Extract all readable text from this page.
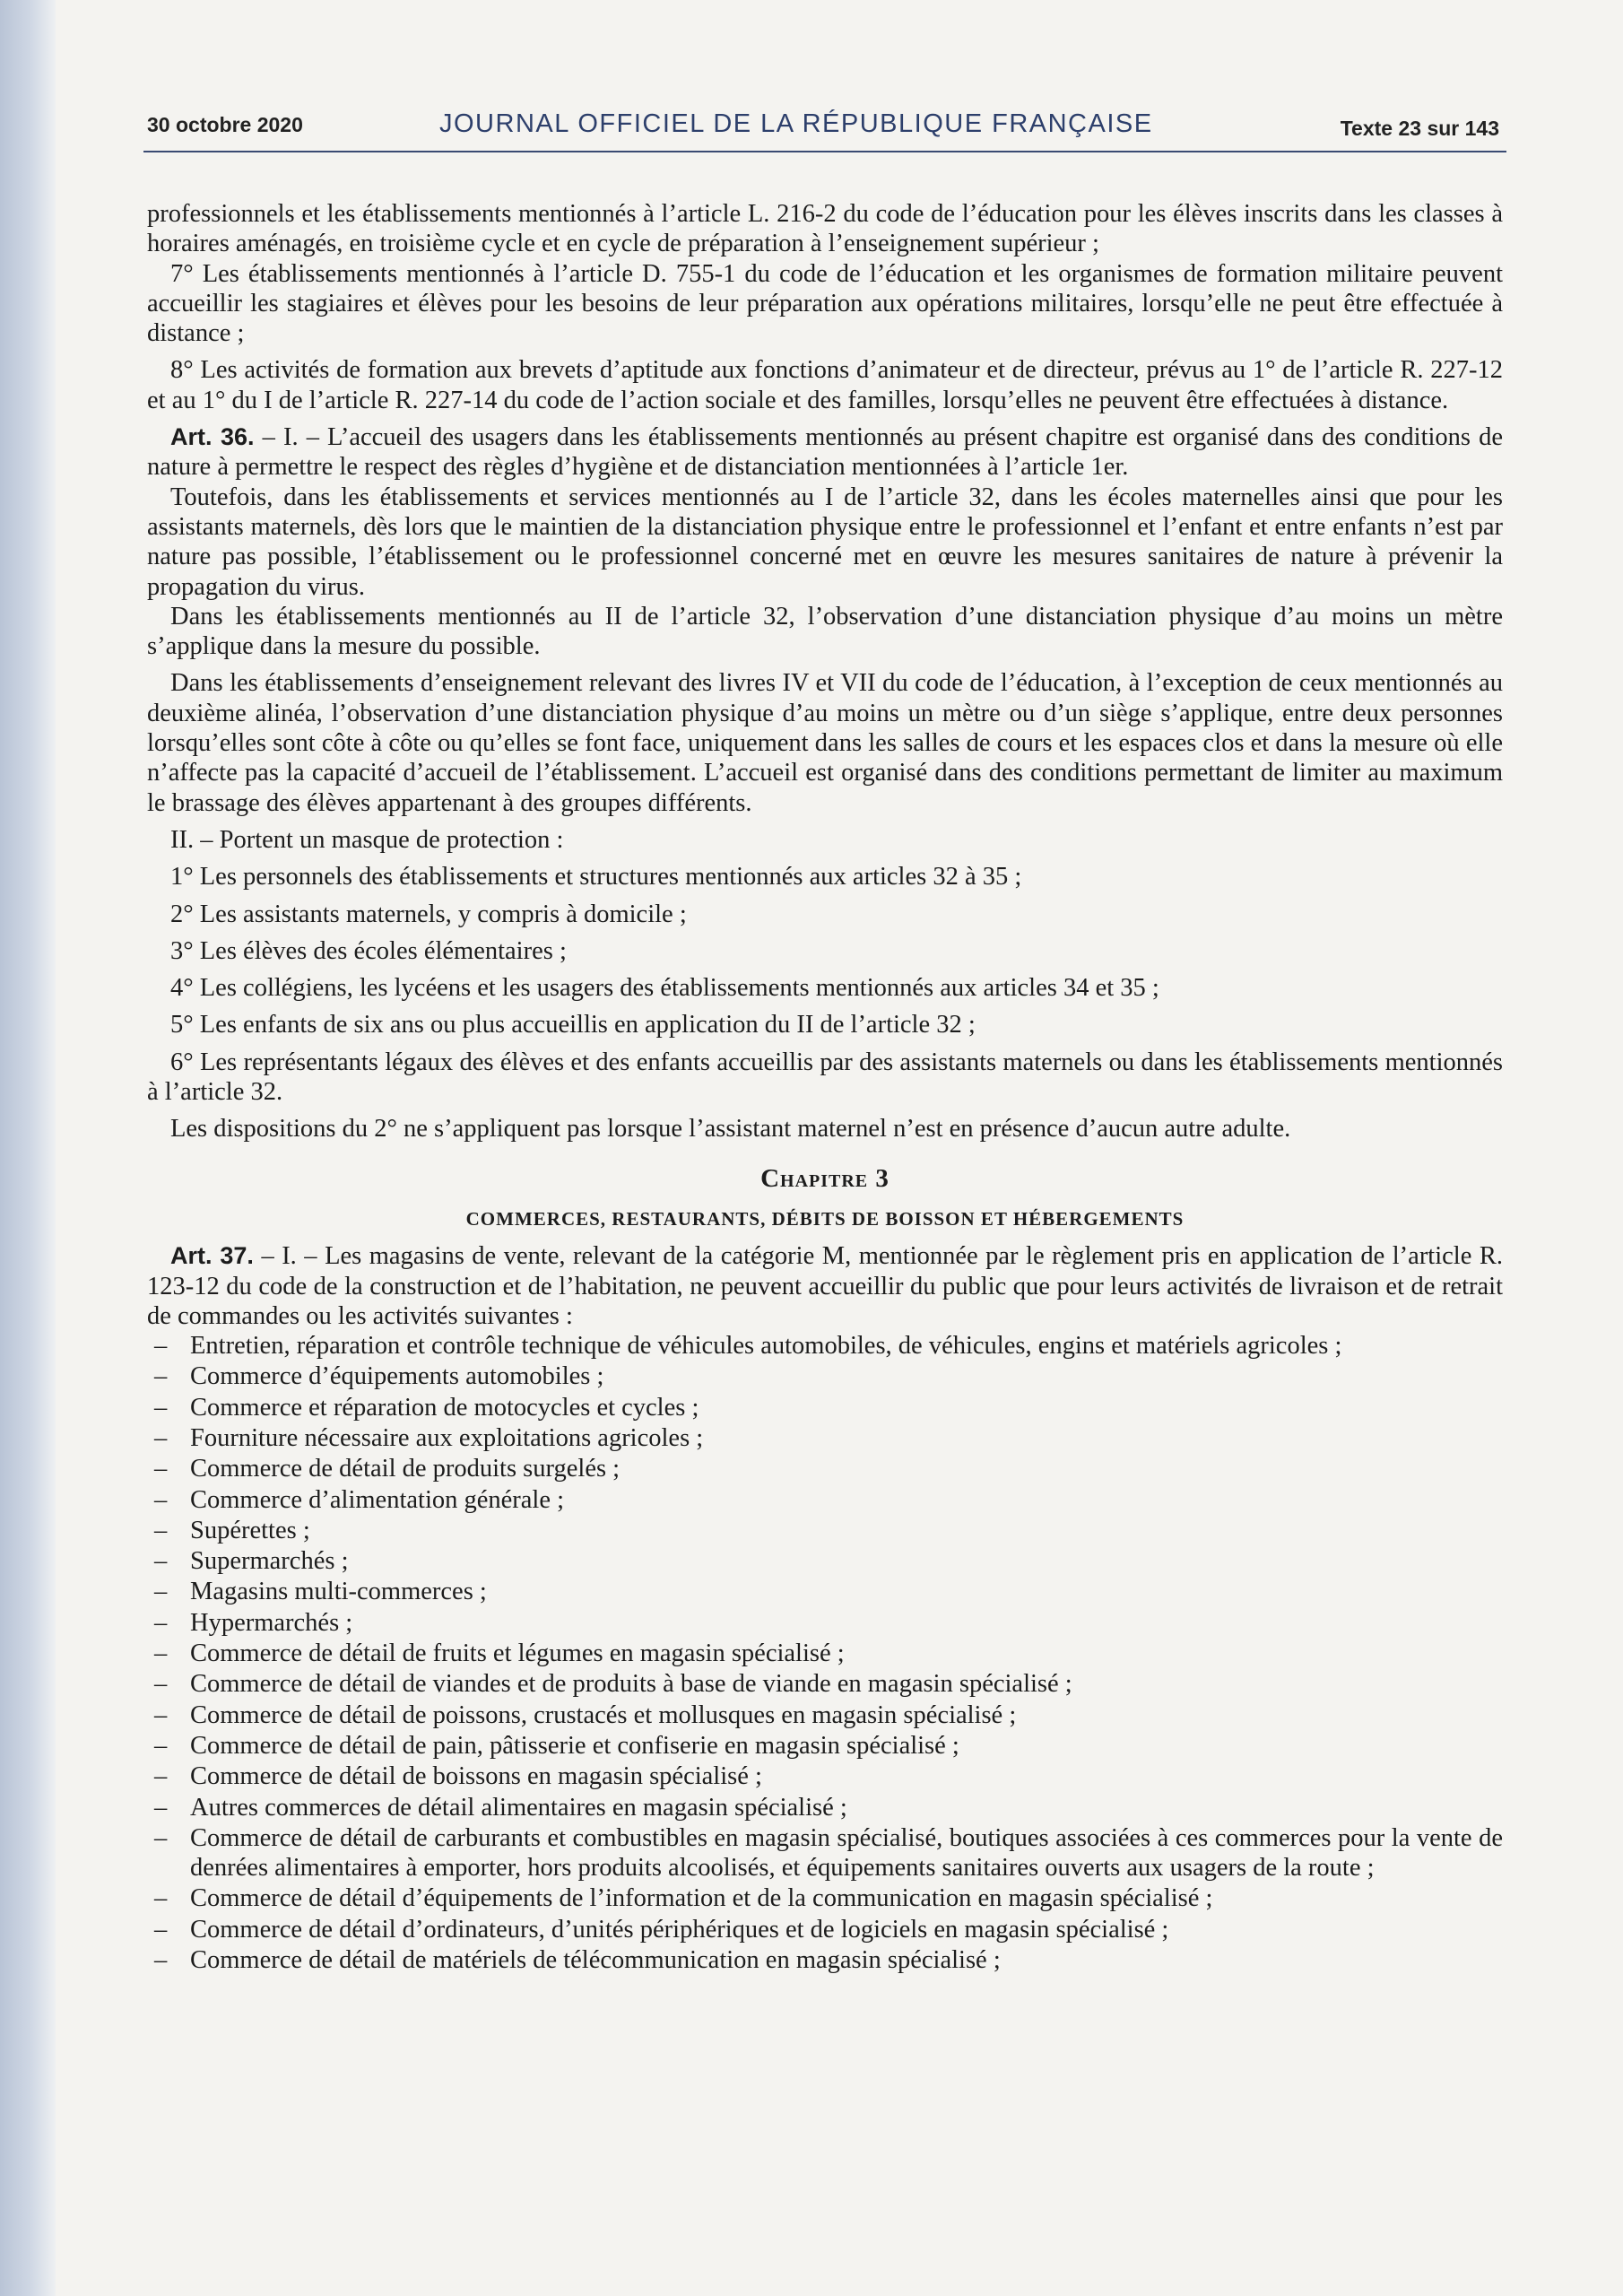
30 octobre 2020	JOURNAL OFFICIEL DE LA RÉPUBLIQUE FRANÇAISE	Texte 23 sur 143

professionnels et les établissements mentionnés à l’article L. 216-2 du code de l’éducation pour les élèves inscrits dans les classes à horaires aménagés, en troisième cycle et en cycle de préparation à l’enseignement supérieur ;

7° Les établissements mentionnés à l’article D. 755-1 du code de l’éducation et les organismes de formation militaire peuvent accueillir les stagiaires et élèves pour les besoins de leur préparation aux opérations militaires, lorsqu’elle ne peut être effectuée à distance ;

8° Les activités de formation aux brevets d’aptitude aux fonctions d’animateur et de directeur, prévus au 1° de l’article R. 227-12 et au 1° du I de l’article R. 227-14 du code de l’action sociale et des familles, lorsqu’elles ne peuvent être effectuées à distance.

Art. 36. – I. – L’accueil des usagers dans les établissements mentionnés au présent chapitre est organisé dans des conditions de nature à permettre le respect des règles d’hygiène et de distanciation mentionnées à l’article 1er.

Toutefois, dans les établissements et services mentionnés au I de l’article 32, dans les écoles maternelles ainsi que pour les assistants maternels, dès lors que le maintien de la distanciation physique entre le professionnel et l’enfant et entre enfants n’est par nature pas possible, l’établissement ou le professionnel concerné met en œuvre les mesures sanitaires de nature à prévenir la propagation du virus.

Dans les établissements mentionnés au II de l’article 32, l’observation d’une distanciation physique d’au moins un mètre s’applique dans la mesure du possible.

Dans les établissements d’enseignement relevant des livres IV et VII du code de l’éducation, à l’exception de ceux mentionnés au deuxième alinéa, l’observation d’une distanciation physique d’au moins un mètre ou d’un siège s’applique, entre deux personnes lorsqu’elles sont côte à côte ou qu’elles se font face, uniquement dans les salles de cours et les espaces clos et dans la mesure où elle n’affecte pas la capacité d’accueil de l’établissement. L’accueil est organisé dans des conditions permettant de limiter au maximum le brassage des élèves appartenant à des groupes différents.

II. – Portent un masque de protection :

1° Les personnels des établissements et structures mentionnés aux articles 32 à 35 ;

2° Les assistants maternels, y compris à domicile ;

3° Les élèves des écoles élémentaires ;

4° Les collégiens, les lycéens et les usagers des établissements mentionnés aux articles 34 et 35 ;

5° Les enfants de six ans ou plus accueillis en application du II de l’article 32 ;

6° Les représentants légaux des élèves et des enfants accueillis par des assistants maternels ou dans les établissements mentionnés à l’article 32.

Les dispositions du 2° ne s’appliquent pas lorsque l’assistant maternel n’est en présence d’aucun autre adulte.

Chapitre 3

COMMERCES, RESTAURANTS, DÉBITS DE BOISSON ET HÉBERGEMENTS

Art. 37. – I. – Les magasins de vente, relevant de la catégorie M, mentionnée par le règlement pris en application de l’article R. 123-12 du code de la construction et de l’habitation, ne peuvent accueillir du public que pour leurs activités de livraison et de retrait de commandes ou les activités suivantes :

– Entretien, réparation et contrôle technique de véhicules automobiles, de véhicules, engins et matériels agricoles ;
– Commerce d’équipements automobiles ;
– Commerce et réparation de motocycles et cycles ;
– Fourniture nécessaire aux exploitations agricoles ;
– Commerce de détail de produits surgelés ;
– Commerce d’alimentation générale ;
– Supérettes ;
– Supermarchés ;
– Magasins multi-commerces ;
– Hypermarchés ;
– Commerce de détail de fruits et légumes en magasin spécialisé ;
– Commerce de détail de viandes et de produits à base de viande en magasin spécialisé ;
– Commerce de détail de poissons, crustacés et mollusques en magasin spécialisé ;
– Commerce de détail de pain, pâtisserie et confiserie en magasin spécialisé ;
– Commerce de détail de boissons en magasin spécialisé ;
– Autres commerces de détail alimentaires en magasin spécialisé ;
– Commerce de détail de carburants et combustibles en magasin spécialisé, boutiques associées à ces commerces pour la vente de denrées alimentaires à emporter, hors produits alcoolisés, et équipements sanitaires ouverts aux usagers de la route ;
– Commerce de détail d’équipements de l’information et de la communication en magasin spécialisé ;
– Commerce de détail d’ordinateurs, d’unités périphériques et de logiciels en magasin spécialisé ;
– Commerce de détail de matériels de télécommunication en magasin spécialisé ;
